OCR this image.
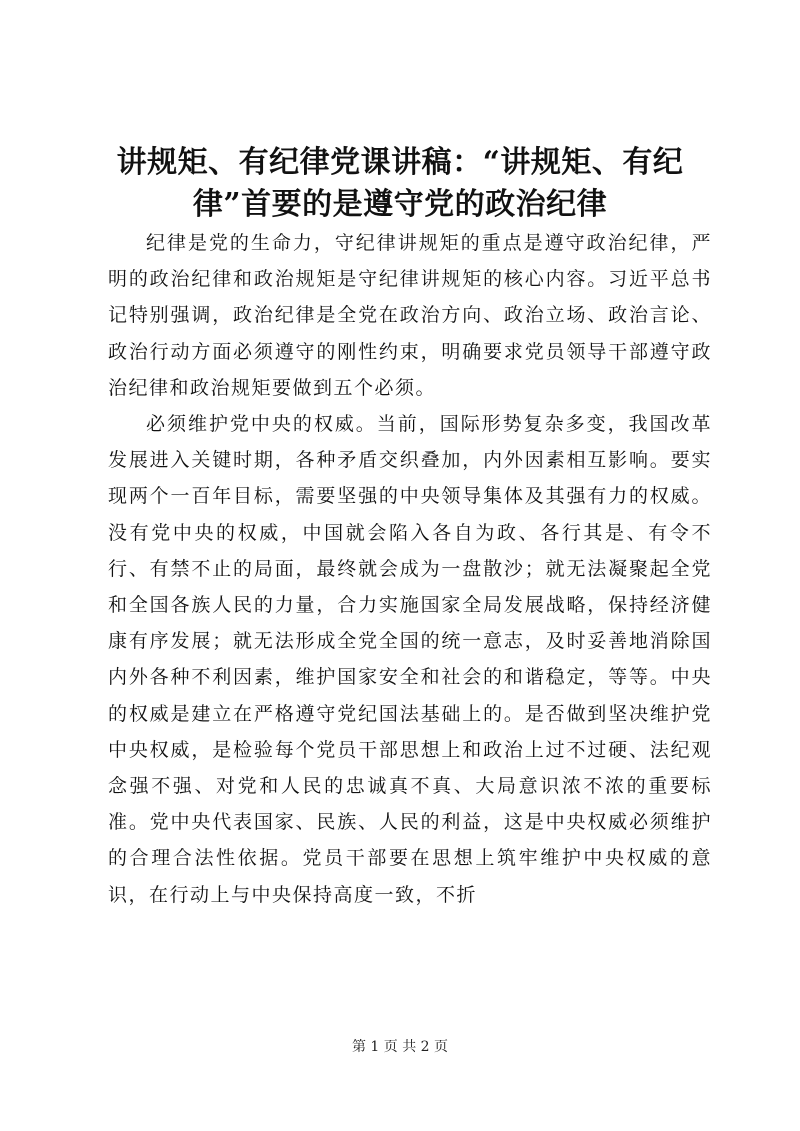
讲规矩、有纪律党课讲稿：“讲规矩、有纪律”首要的是遵守党的政治纪律

纪律是党的生命力，守纪律讲规矩的重点是遵守政治纪律，严明的政治纪律和政治规矩是守纪律讲规矩的核心内容。习近平总书记特别强调，政治纪律是全党在政治方向、政治立场、政治言论、政治行动方面必须遵守的刚性约束，明确要求党员领导干部遵守政治纪律和政治规矩要做到五个必须。

必须维护党中央的权威。当前，国际形势复杂多变，我国改革发展进入关键时期，各种矛盾交织叠加，内外因素相互影响。要实现两个一百年目标，需要坚强的中央领导集体及其强有力的权威。没有党中央的权威，中国就会陷入各自为政、各行其是、有令不行、有禁不止的局面，最终就会成为一盘散沙；就无法凝聚起全党和全国各族人民的力量，合力实施国家全局发展战略，保持经济健康有序发展；就无法形成全党全国的统一意志，及时妥善地消除国内外各种不利因素，维护国家安全和社会的和谐稳定，等等。中央的权威是建立在严格遵守党纪国法基础上的。是否做到坚决维护党中央权威，是检验每个党员干部思想上和政治上过不过硬、法纪观念强不强、对党和人民的忠诚真不真、大局意识浓不浓的重要标准。党中央代表国家、民族、人民的利益，这是中央权威必须维护的合理合法性依据。党员干部要在思想上筑牢维护中央权威的意识，在行动上与中央保持高度一致，不折

第 1 页 共 2 页
